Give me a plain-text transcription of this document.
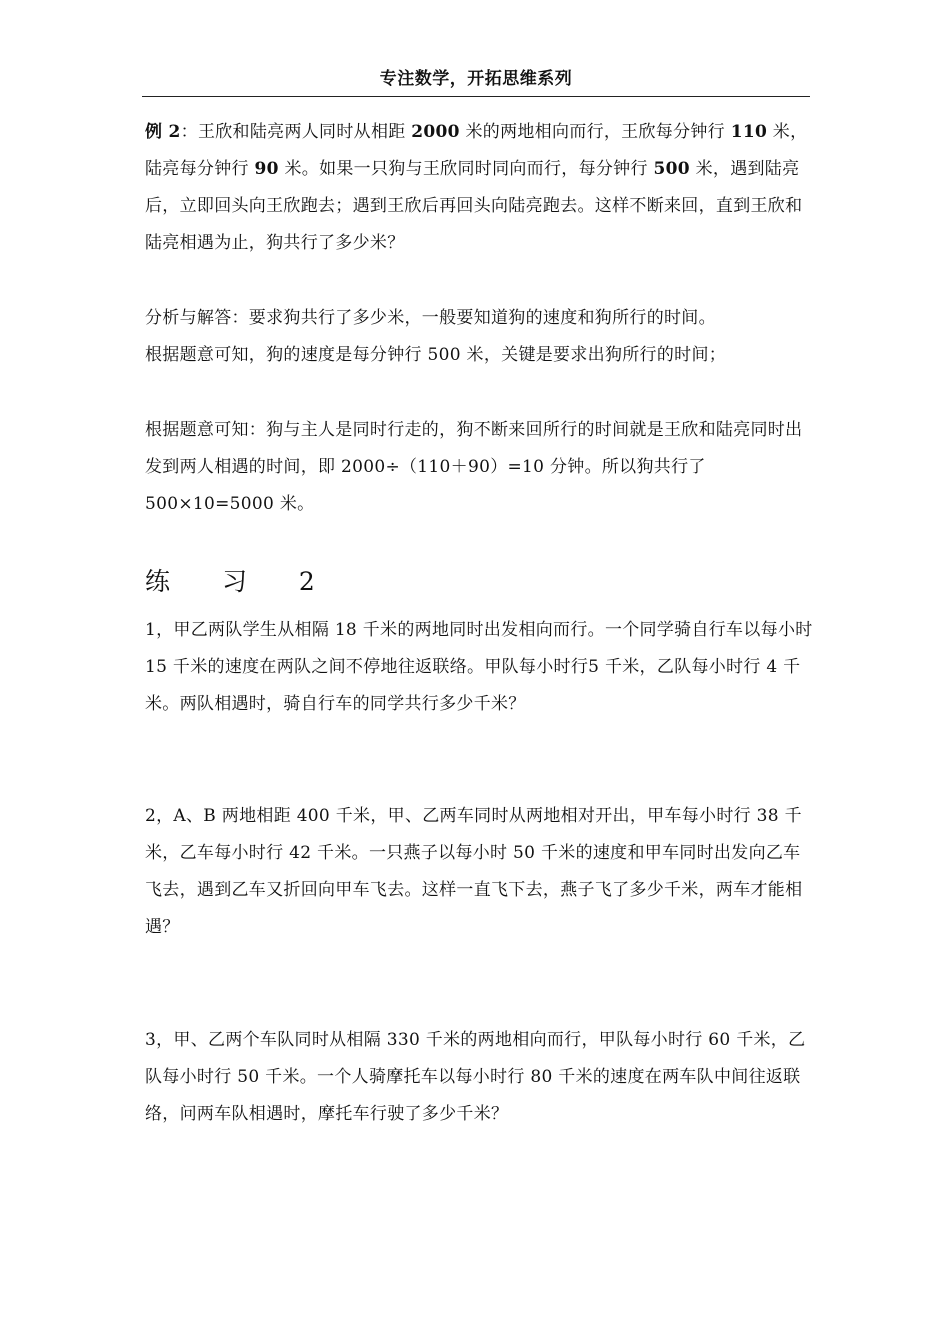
专注数学，开拓思维系列

例 2：王欣和陆亮两人同时从相距 2000 米的两地相向而行，王欣每分钟行 110 米，陆亮每分钟行 90 米。如果一只狗与王欣同时同向而行，每分钟行 500 米，遇到陆亮后，立即回头向王欣跑去；遇到王欣后再回头向陆亮跑去。这样不断来回，直到王欣和陆亮相遇为止，狗共行了多少米？

分析与解答：要求狗共行了多少米，一般要知道狗的速度和狗所行的时间。

根据题意可知，狗的速度是每分钟行 500 米，关键是要求出狗所行的时间；

根据题意可知：狗与主人是同时行走的，狗不断来回所行的时间就是王欣和陆亮同时出发到两人相遇的时间，即 2000÷（110＋90）=10 分钟。所以狗共行了 500×10=5000 米。

练 习 2

1，甲乙两队学生从相隔 18 千米的两地同时出发相向而行。一个同学骑自行车以每小时 15 千米的速度在两队之间不停地往返联络。甲队每小时行5 千米，乙队每小时行 4 千米。两队相遇时，骑自行车的同学共行多少千米？

2，A、B 两地相距 400 千米，甲、乙两车同时从两地相对开出，甲车每小时行 38 千米，乙车每小时行 42 千米。一只燕子以每小时 50 千米的速度和甲车同时出发向乙车飞去，遇到乙车又折回向甲车飞去。这样一直飞下去，燕子飞了多少千米，两车才能相遇？

3，甲、乙两个车队同时从相隔 330 千米的两地相向而行，甲队每小时行 60 千米，乙队每小时行 50 千米。一个人骑摩托车以每小时行 80 千米的速度在两车队中间往返联络，问两车队相遇时，摩托车行驶了多少千米？
